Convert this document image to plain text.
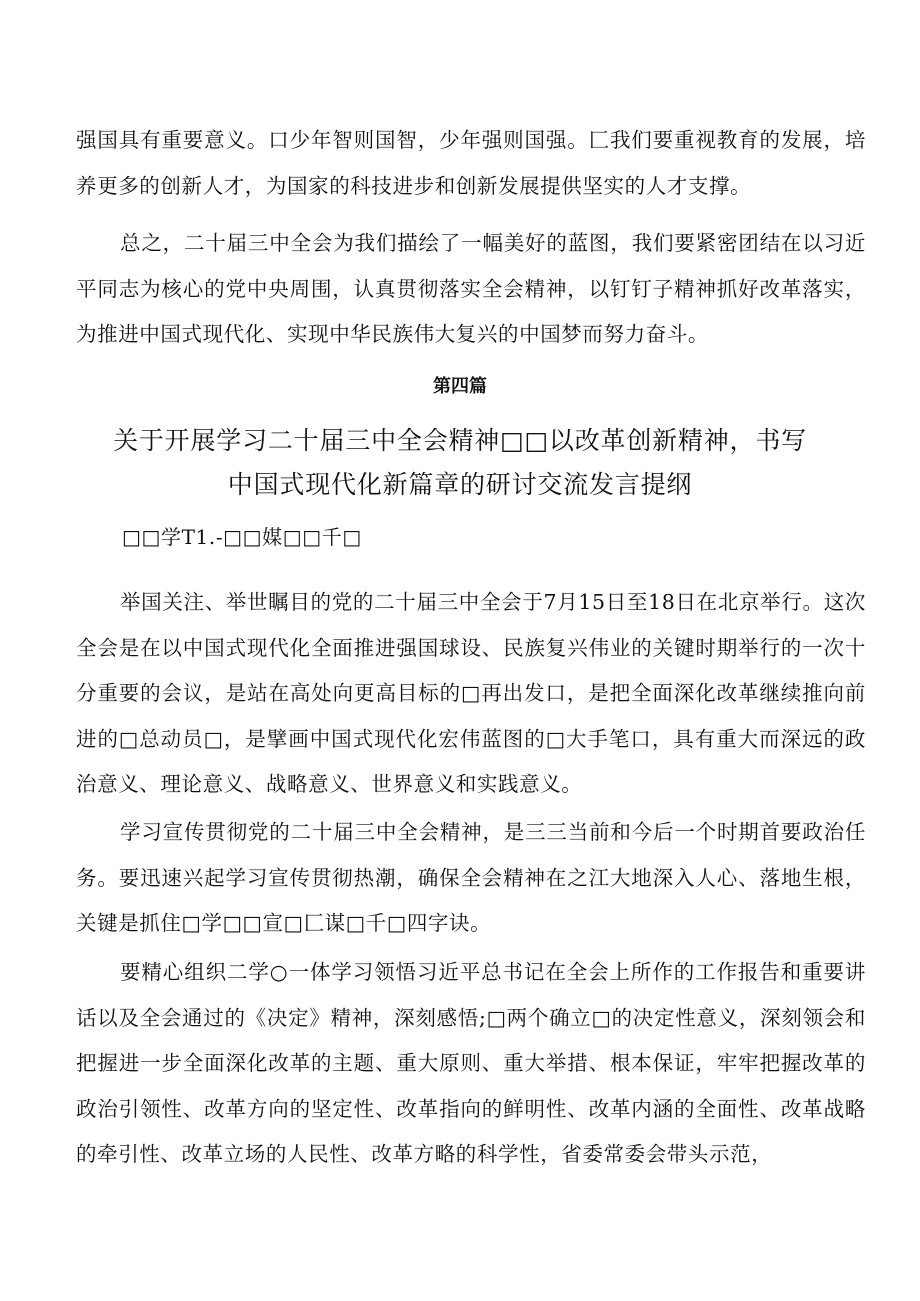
强国具有重要意义。口少年智则国智，少年强则国强。匚我们要重视教育的发展，培养更多的创新人才，为国家的科技进步和创新发展提供坚实的人才支撑。

总之，二十届三中全会为我们描绘了一幅美好的蓝图，我们要紧密团结在以习近平同志为核心的党中央周围，认真贯彻落实全会精神，以钉钉子精神抓好改革落实，为推进中国式现代化、实现中华民族伟大复兴的中国梦而努力奋斗。

第四篇

关于开展学习二十届三中全会精神□□以改革创新精神，书写

中国式现代化新篇章的研讨交流发言提纲

□□学T1.-□□媒□□千□

举国关注、举世瞩目的党的二十届三中全会于7月15日至18日在北京举行。这次全会是在以中国式现代化全面推进强国球设、民族复兴伟业的关键时期举行的一次十分重要的会议，是站在高处向更高目标的□再出发口，是把全面深化改革继续推向前进的□总动员□，是擘画中国式现代化宏伟蓝图的□大手笔口，具有重大而深远的政治意义、理论意义、战略意义、世界意义和实践意义。

学习宣传贯彻党的二十届三中全会精神，是三三当前和今后一个时期首要政治任务。要迅速兴起学习宣传贯彻热潮，确保全会精神在之江大地深入人心、落地生根，关键是抓住□学□□宣□匚谋□千□四字诀。

要精心组织二学○一体学习领悟习近平总书记在全会上所作的工作报告和重要讲话以及全会通过的《决定》精神，深刻感悟;□两个确立□的决定性意义，深刻领会和把握进一步全面深化改革的主题、重大原则、重大举措、根本保证，牢牢把握改革的政治引领性、改革方向的坚定性、改革指向的鲜明性、改革内涵的全面性、改革战略的牵引性、改革立场的人民性、改革方略的科学性，省委常委会带头示范，
